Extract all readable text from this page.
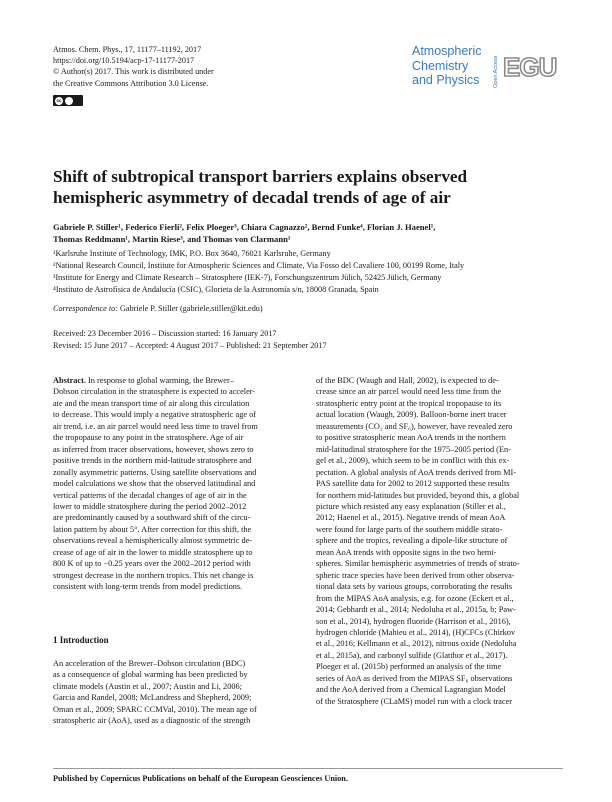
Atmos. Chem. Phys., 17, 11177–11192, 2017
https://doi.org/10.5194/acp-17-11177-2017
© Author(s) 2017. This work is distributed under
the Creative Commons Attribution 3.0 License.
cc
Atmospheric
Chemistry
and Physics	Open Access EGU
Shift of subtropical transport barriers explains observed
hemispheric asymmetry of decadal trends of age of air
Gabriele P. Stiller¹, Federico Fierli², Felix Ploeger³, Chiara Cagnazzo², Bernd Funke⁴, Florian J. Haenel¹,
Thomas Reddmann¹, Martin Riese³, and Thomas von Clarmann¹
¹Karlsruhe Institute of Technology, IMK, P.O. Box 3640, 76021 Karlsruhe, Germany
²National Research Council, Institute for Atmospheric Sciences and Climate, Via Fosso del Cavaliere 100, 00199 Rome, Italy
³Institute for Energy and Climate Research – Stratosphere (IEK-7), Forschungszentrum Jülich, 52425 Jülich, Germany
⁴Instituto de Astrofísica de Andalucía (CSIC), Glorieta de la Astronomía s/n, 18008 Granada, Spain
Correspondence to: Gabriele P. Stiller (gabriele.stiller@kit.edu)
Received: 23 December 2016 – Discussion started: 16 January 2017
Revised: 15 June 2017 – Accepted: 4 August 2017 – Published: 21 September 2017
Abstract. In response to global warming, the Brewer–
Dobson circulation in the stratosphere is expected to acceler-
ate and the mean transport time of air along this circulation
to decrease. This would imply a negative stratospheric age of
air trend, i.e. an air parcel would need less time to travel from
the tropopause to any point in the stratosphere. Age of air
as inferred from tracer observations, however, shows zero to
positive trends in the northern mid-latitude stratosphere and
zonally asymmetric patterns. Using satellite observations and
model calculations we show that the observed latitudinal and
vertical patterns of the decadal changes of age of air in the
lower to middle stratosphere during the period 2002–2012
are predominantly caused by a southward shift of the circu-
lation pattern by about 5°. After correction for this shift, the
observations reveal a hemispherically almost symmetric de-
crease of age of air in the lower to middle stratosphere up to
800 K of up to −0.25 years over the 2002–2012 period with
strongest decrease in the northern tropics. This net change is
consistent with long-term trends from model predictions.
1 Introduction
An acceleration of the Brewer–Dobson circulation (BDC)
as a consequence of global warming has been predicted by
climate models (Austin et al., 2007; Austin and Li, 2006;
Garcia and Randel, 2008; McLandress and Shepherd, 2009;
Oman et al., 2009; SPARC CCMVal, 2010). The mean age of
stratospheric air (AoA), used as a diagnostic of the strength
of the BDC (Waugh and Hall, 2002), is expected to de-
crease since an air parcel would need less time from the
stratospheric entry point at the tropical tropopause to its
actual location (Waugh, 2009). Balloon-borne inert tracer
measurements (CO₂ and SF₆), however, have revealed zero
to positive stratospheric mean AoA trends in the northern
mid-latitudinal stratosphere for the 1975–2005 period (En-
gel et al., 2009), which seem to be in conflict with this ex-
pectation. A global analysis of AoA trends derived from MI-
PAS satellite data for 2002 to 2012 supported these results
for northern mid-latitudes but provided, beyond this, a global
picture which resisted any easy explanation (Stiller et al.,
2012; Haenel et al., 2015). Negative trends of mean AoA
were found for large parts of the southern middle strato-
sphere and the tropics, revealing a dipole-like structure of
mean AoA trends with opposite signs in the two hemi-
spheres. Similar hemispheric asymmetries of trends of strato-
spheric trace species have been derived from other observa-
tional data sets by various groups, corroborating the results
from the MIPAS AoA analysis, e.g. for ozone (Eckert et al.,
2014; Gebhardt et al., 2014; Nedoluha et al., 2015a, b; Paw-
son et al., 2014), hydrogen fluoride (Harrison et al., 2016),
hydrogen chloride (Mahieu et al., 2014), (H)CFCs (Chirkov
et al., 2016; Kellmann et al., 2012), nitrous oxide (Nedoluha
et al., 2015a), and carbonyl sulfide (Glatthor et al., 2017).
Ploeger et al. (2015b) performed an analysis of the time
series of AoA as derived from the MIPAS SF₆ observations
and the AoA derived from a Chemical Lagrangian Model
of the Stratosphere (CLaMS) model run with a clock tracer
Published by Copernicus Publications on behalf of the European Geosciences Union.
